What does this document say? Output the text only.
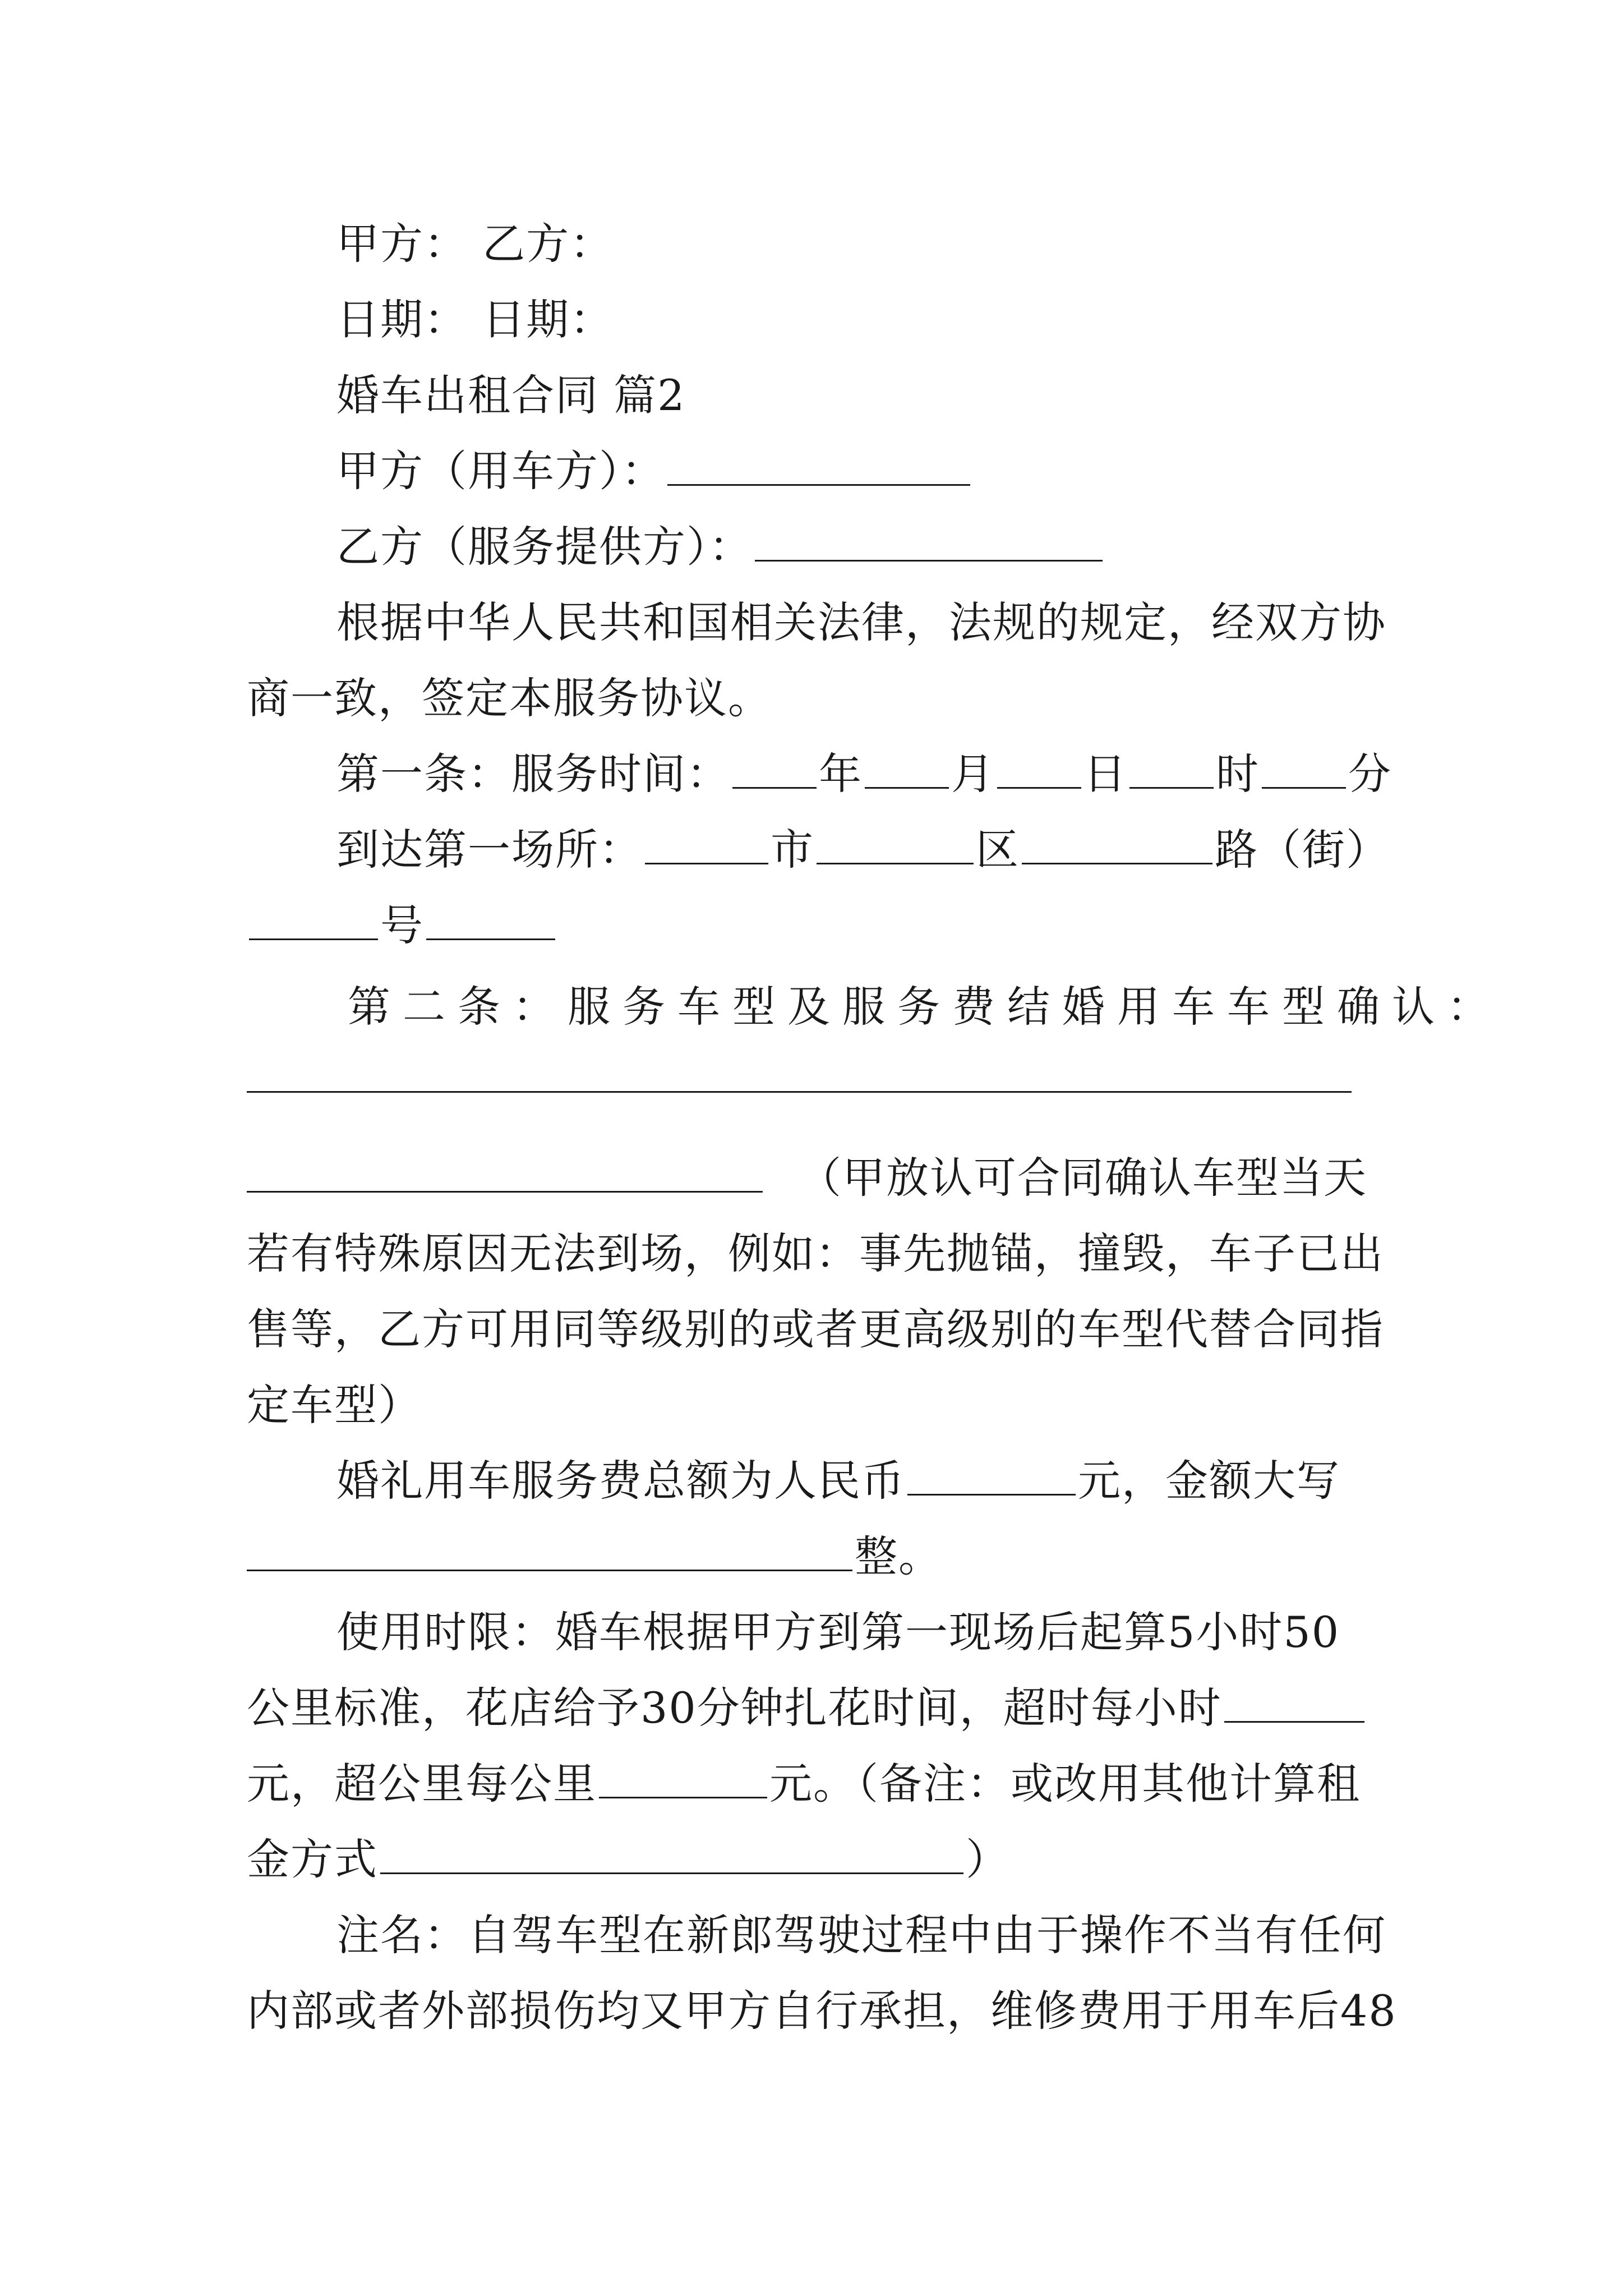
甲方： 乙方：
日期： 日期：
婚车出租合同 篇2
甲方（用车方）：
乙方（服务提供方）：
根据中华人民共和国相关法律，法规的规定，经双方协
商一致，签定本服务协议。
第一条：服务时间： 年 月 日 时 分
到达第一场所：	市	区	路（街）
号
第二条：服务车型及服务费结婚用车车型确认：
（甲放认可合同确认车型当天
若有特殊原因无法到场，例如：事先抛锚，撞毁，车子已出
售等，乙方可用同等级别的或者更高级别的车型代替合同指
定车型）
婚礼用车服务费总额为人民币	元，金额大写
整。
使用时限：婚车根据甲方到第一现场后起算5小时50
公里标准，花店给予30分钟扎花时间，超时每小时
元，超公里每公里	元。（备注：或改用其他计算租
金方式	）
注名：自驾车型在新郎驾驶过程中由于操作不当有任何
内部或者外部损伤均又甲方自行承担，维修费用于用车后48
